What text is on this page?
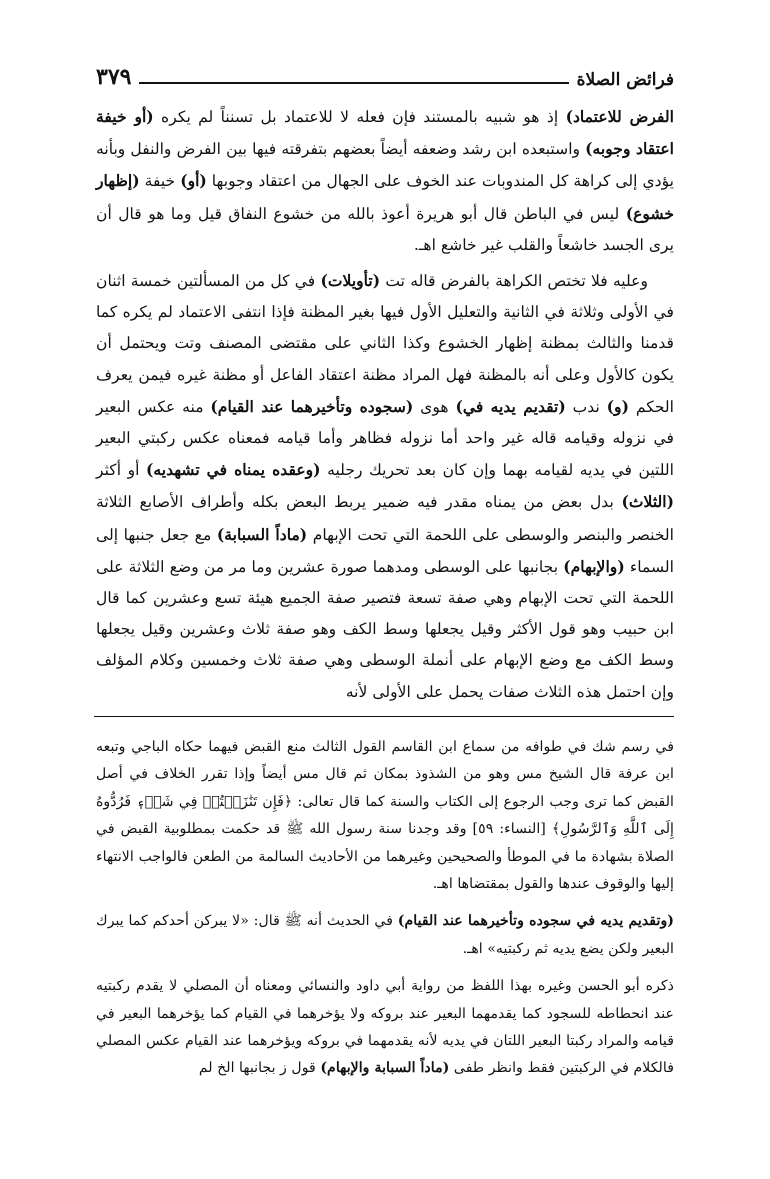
فرائض الصلاة
٣٧٩

الفرض للاعتماد) إذ هو شبيه بالمستند فإن فعله لا للاعتماد بل تسنناً لم يكره (أو خيفة اعتقاد وجوبه) واستبعده ابن رشد وضعفه أيضاً بعضهم بتفرقته فيها بين الفرض والنفل وبأنه يؤدي إلى كراهة كل المندوبات عند الخوف على الجهال من اعتقاد وجوبها (أو) خيفة (إظهار خشوع) ليس في الباطن قال أبو هريرة أعوذ بالله من خشوع النفاق قيل وما هو قال أن يرى الجسد خاشعاً والقلب غير خاشع اهـ.

وعليه فلا تختص الكراهة بالفرض قاله تت (تأويلات) في كل من المسألتين خمسة اثنان في الأولى وثلاثة في الثانية والتعليل الأول فيها بغير المظنة فإذا انتفى الاعتماد لم يكره كما قدمنا والثالث بمظنة إظهار الخشوع وكذا الثاني على مقتضى المصنف وتت ويحتمل أن يكون كالأول وعلى أنه بالمظنة فهل المراد مظنة اعتقاد الفاعل أو مظنة غيره فيمن يعرف الحكم (و) ندب (تقديم يديه في) هوى (سجوده وتأخيرهما عند القيام) منه عكس البعير في نزوله وقيامه قاله غير واحد أما نزوله فظاهر وأما قيامه فمعناه عكس ركبتي البعير اللتين في يديه لقيامه بهما وإن كان بعد تحريك رجليه (وعقده يمناه في تشهديه) أو أكثر (الثلاث) بدل بعض من يمناه مقدر فيه ضمير يربط البعض بكله وأطراف الأصابع الثلاثة الخنصر والبنصر والوسطى على اللحمة التي تحت الإبهام (ماداً السبابة) مع جعل جنبها إلى السماء (والإبهام) بجانبها على الوسطى ومدهما صورة عشرين وما مر من وضع الثلاثة على اللحمة التي تحت الإبهام وهي صفة تسعة فتصير صفة الجميع هيئة تسع وعشرين كما قال ابن حبيب وهو قول الأكثر وقيل يجعلها وسط الكف وهو صفة ثلاث وعشرين وقيل يجعلها وسط الكف مع وضع الإبهام على أنملة الوسطى وهي صفة ثلاث وخمسين وكلام المؤلف وإن احتمل هذه الثلاث صفات يحمل على الأولى لأنه

في رسم شك في طوافه من سماع ابن القاسم القول الثالث منع القبض فيهما حكاه الباجي وتبعه ابن عرفة قال الشيخ مس وهو من الشذوذ بمكان ثم قال مس أيضاً وإذا تقرر الخلاف في أصل القبض كما ترى وجب الرجوع إلى الكتاب والسنة كما قال تعالى: ﴿فَإِن تَنَٰزَعۡتُمۡ فِي شَيۡءٖ فَرُدُّوهُ إِلَى ٱللَّهِ وَٱلرَّسُولِ﴾ [النساء: ٥٩] وقد وجدنا سنة رسول الله ﷺ قد حكمت بمطلوبية القبض في الصلاة بشهادة ما في الموطأ والصحيحين وغيرهما من الأحاديث السالمة من الطعن فالواجب الانتهاء إليها والوقوف عندها والقول بمقتضاها اهـ.

(وتقديم يديه في سجوده وتأخيرهما عند القيام) في الحديث أنه ﷺ قال: «لا يبركن أحدكم كما يبرك البعير ولكن يضع يديه ثم ركبتيه» اهـ.

ذكره أبو الحسن وغيره بهذا اللفظ من رواية أبي داود والنسائي ومعناه أن المصلي لا يقدم ركبتيه عند انحطاطه للسجود كما يقدمهما البعير عند بروكه ولا يؤخرهما في القيام كما يؤخرهما البعير في قيامه والمراد ركبتا البعير اللتان في يديه لأنه يقدمهما في بروكه ويؤخرهما عند القيام عكس المصلي فالكلام في الركبتين فقط وانظر طفى (ماداً السبابة والإبهام) قول ز بجانبها الخ لم
